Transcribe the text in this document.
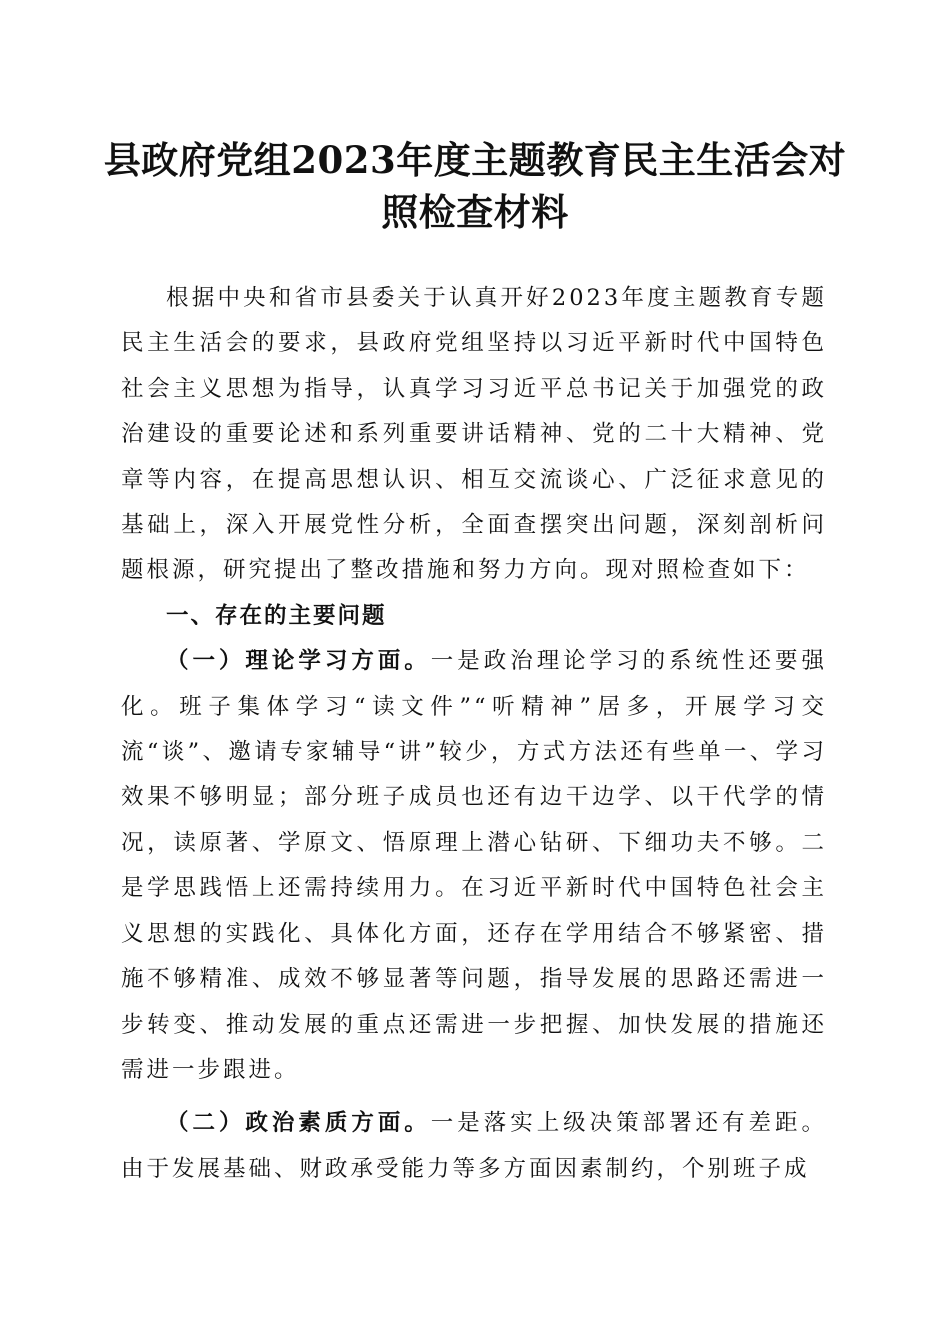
县政府党组2023年度主题教育民主生活会对照检查材料

根据中央和省市县委关于认真开好2023年度主题教育专题民主生活会的要求，县政府党组坚持以习近平新时代中国特色社会主义思想为指导，认真学习习近平总书记关于加强党的政治建设的重要论述和系列重要讲话精神、党的二十大精神、党章等内容，在提高思想认识、相互交流谈心、广泛征求意见的基础上，深入开展党性分析，全面查摆突出问题，深刻剖析问题根源，研究提出了整改措施和努力方向。现对照检查如下：

一、存在的主要问题

（一）理论学习方面。一是政治理论学习的系统性还要强化。班子集体学习“读文件”“听精神”居多，开展学习交流“谈”、邀请专家辅导“讲”较少，方式方法还有些单一、学习效果不够明显；部分班子成员也还有边干边学、以干代学的情况，读原著、学原文、悟原理上潜心钻研、下细功夫不够。二是学思践悟上还需持续用力。在习近平新时代中国特色社会主义思想的实践化、具体化方面，还存在学用结合不够紧密、措施不够精准、成效不够显著等问题，指导发展的思路还需进一步转变、推动发展的重点还需进一步把握、加快发展的措施还需进一步跟进。

（二）政治素质方面。一是落实上级决策部署还有差距。由于发展基础、财政承受能力等多方面因素制约，个别班子成
